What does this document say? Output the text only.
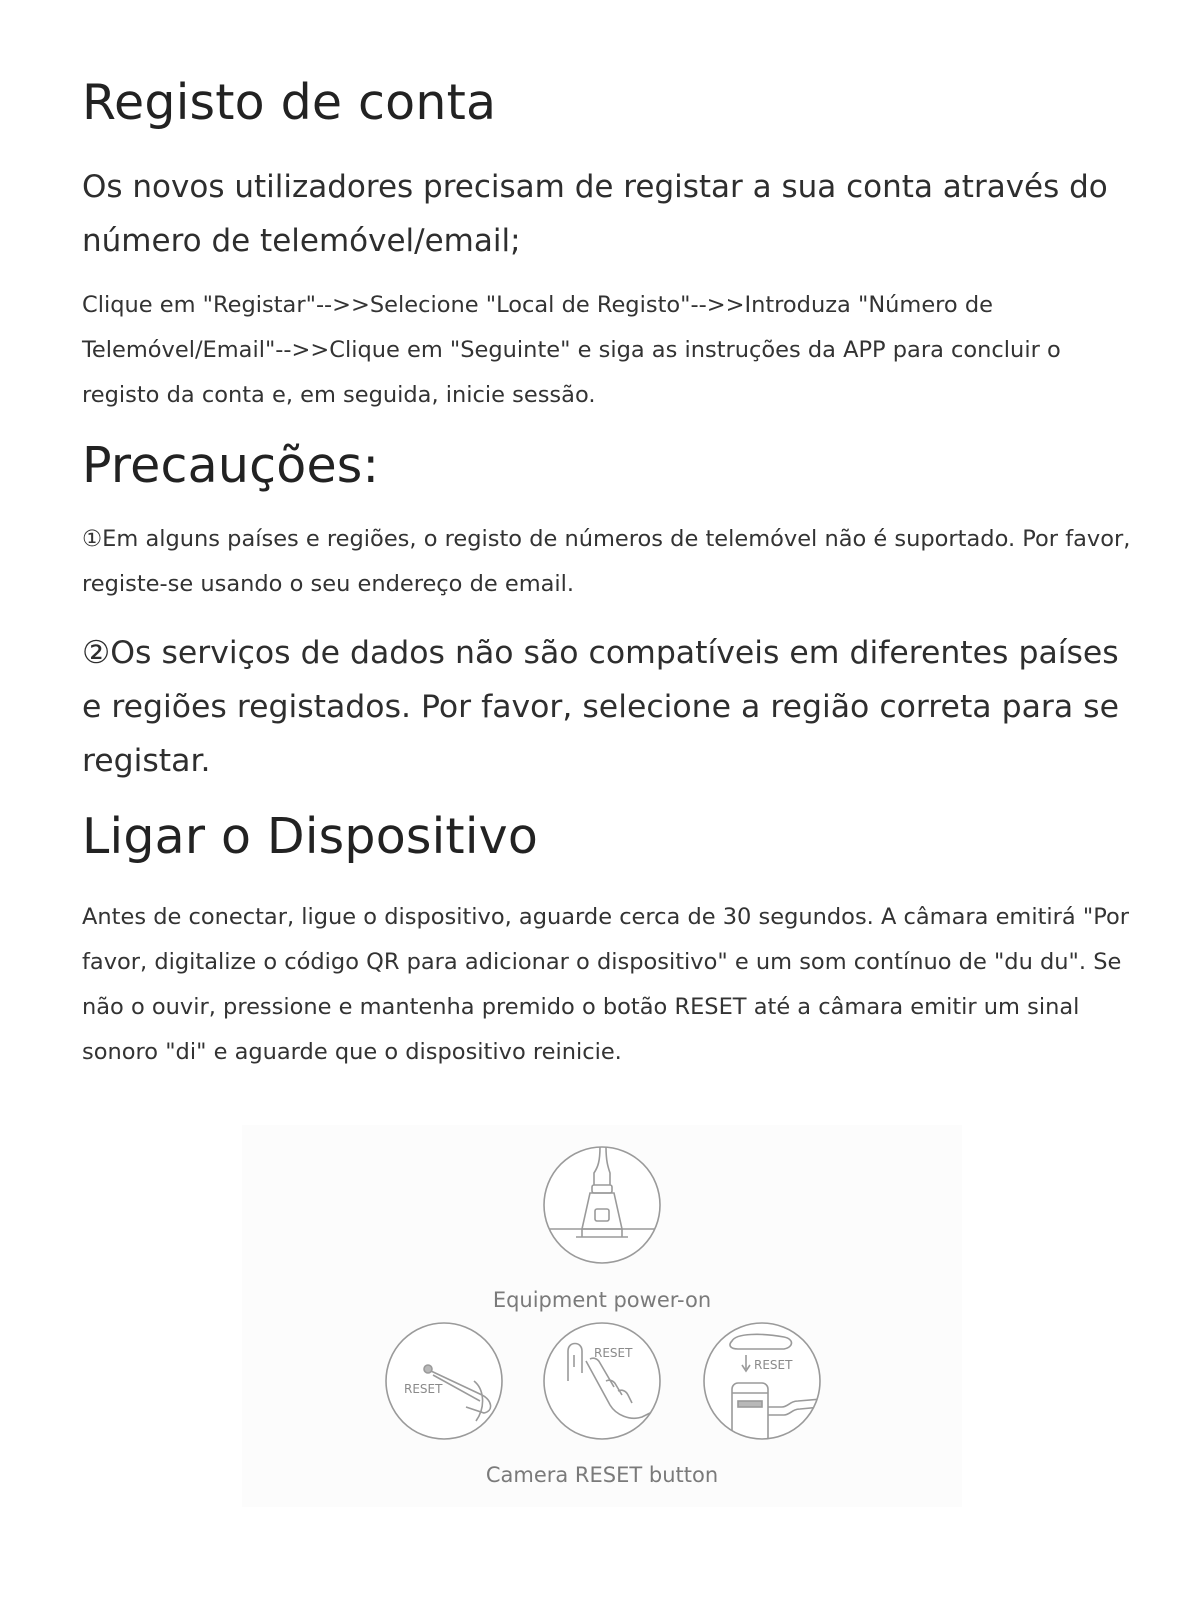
Registo de conta

Os novos utilizadores precisam de registar a sua conta através do número de telemóvel/email;

Clique em "Registar"-->>Selecione "Local de Registo"-->>Introduza "Número de Telemóvel/Email"-->>Clique em "Seguinte" e siga as instruções da APP para concluir o registo da conta e, em seguida, inicie sessão.

Precauções:

①Em alguns países e regiões, o registo de números de telemóvel não é suportado. Por favor, registe-se usando o seu endereço de email.

②Os serviços de dados não são compatíveis em diferentes países e regiões registados. Por favor, selecione a região correta para se registar.

Ligar o Dispositivo

Antes de conectar, ligue o dispositivo, aguarde cerca de 30 segundos. A câmara emitirá "Por favor, digitalize o código QR para adicionar o dispositivo" e um som contínuo de "du du". Se não o ouvir, pressione e mantenha premido o botão RESET até a câmara emitir um sinal sonoro "di" e aguarde que o dispositivo reinicie.

Equipment power-on
RESET
RESET
RESET
Camera RESET button
